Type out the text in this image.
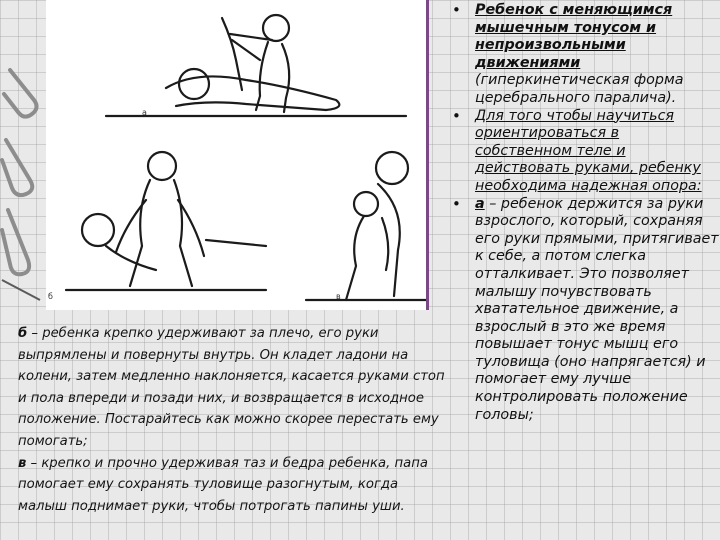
а
б	в
• Ребенок с меняющимся мышечным тонусом и непроизвольными движениями (гиперкинетическая форма церебрального паралича).
• Для того чтобы научиться ориентироваться в собственном теле и действовать руками, ребенку необходима надежная опора:
• а – ребенок держится за руки взрослого, который, сохраняя его руки прямыми, притягивает к себе, а потом слегка отталкивает. Это позволяет малышу почувствовать хватательное движение, а взрослый в это же время повышает тонус мышц его туловища (оно напрягается) и помогает ему лучше контролировать положение головы;

б – ребенка крепко удерживают за плечо, его руки выпрямлены и повернуты внутрь. Он кладет ладони на колени, затем медленно наклоняется, касается руками стоп и пола впереди и позади них, и возвращается в исходное положение. Постарайтесь как можно скорее перестать ему помогать;

в – крепко и прочно удерживая таз и бедра ребенка, папа помогает ему сохранять туловище разогнутым, когда малыш поднимает руки, чтобы потрогать папины уши.
